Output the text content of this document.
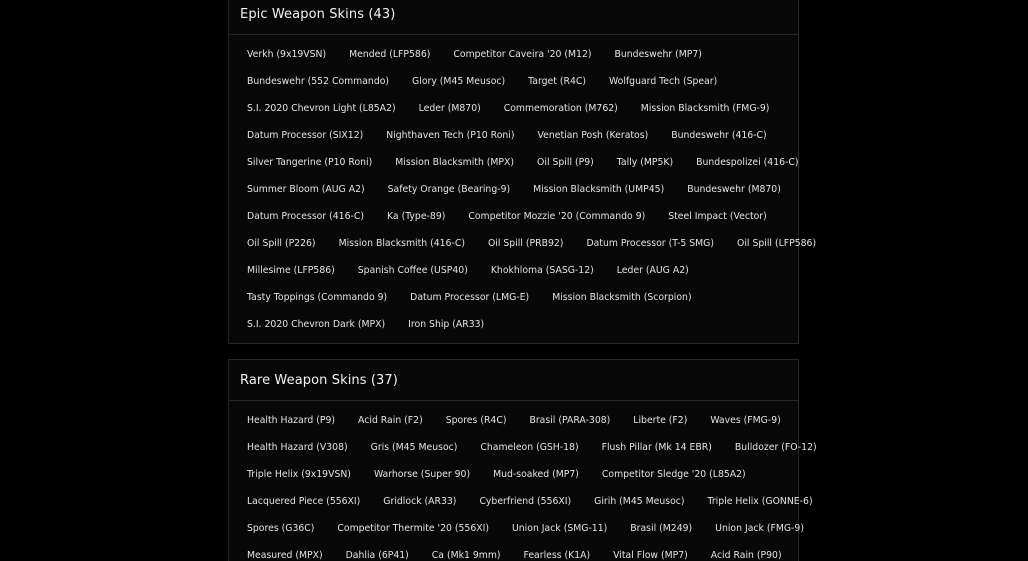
Epic Weapon Skins (43)
Verkh (9x19VSN)	Mended (LFP586)	Competitor Caveira '20 (M12)	Bundeswehr (MP7)
Bundeswehr (552 Commando)	Glory (M45 Meusoc)	Target (R4C)	Wolfguard Tech (Spear)
S.I. 2020 Chevron Light (L85A2)	Leder (M870)	Commemoration (M762)	Mission Blacksmith (FMG-9)
Datum Processor (SIX12)	Nighthaven Tech (P10 Roni)	Venetian Posh (Keratos)	Bundeswehr (416-C)
Silver Tangerine (P10 Roni)	Mission Blacksmith (MPX)	Oil Spill (P9)	Tally (MP5K)	Bundespolizei (416-C)
Summer Bloom (AUG A2)	Safety Orange (Bearing-9)	Mission Blacksmith (UMP45)	Bundeswehr (M870)
Datum Processor (416-C)	Ka (Type-89)	Competitor Mozzie '20 (Commando 9)	Steel Impact (Vector)
Oil Spill (P226)	Mission Blacksmith (416-C)	Oil Spill (PRB92)	Datum Processor (T-5 SMG)	Oil Spill (LFP586)
Millesime (LFP586)	Spanish Coffee (USP40)	Khokhloma (SASG-12)	Leder (AUG A2)
Tasty Toppings (Commando 9)	Datum Processor (LMG-E)	Mission Blacksmith (Scorpion)
S.I. 2020 Chevron Dark (MPX)	Iron Ship (AR33)
Rare Weapon Skins (37)
Health Hazard (P9)	Acid Rain (F2)	Spores (R4C)	Brasil (PARA-308)	Liberte (F2)	Waves (FMG-9)
Health Hazard (V308)	Gris (M45 Meusoc)	Chameleon (GSH-18)	Flush Pillar (Mk 14 EBR)	Bulldozer (FO-12)
Triple Helix (9x19VSN)	Warhorse (Super 90)	Mud-soaked (MP7)	Competitor Sledge '20 (L85A2)
Lacquered Piece (556XI)	Gridlock (AR33)	Cyberfriend (556XI)	Girih (M45 Meusoc)	Triple Helix (GONNE-6)
Spores (G36C)	Competitor Thermite '20 (556XI)	Union Jack (SMG-11)	Brasil (M249)	Union Jack (FMG-9)
Measured (MPX)	Dahlia (6P41)	Ca (Mk1 9mm)	Fearless (K1A)	Vital Flow (MP7)	Acid Rain (P90)
